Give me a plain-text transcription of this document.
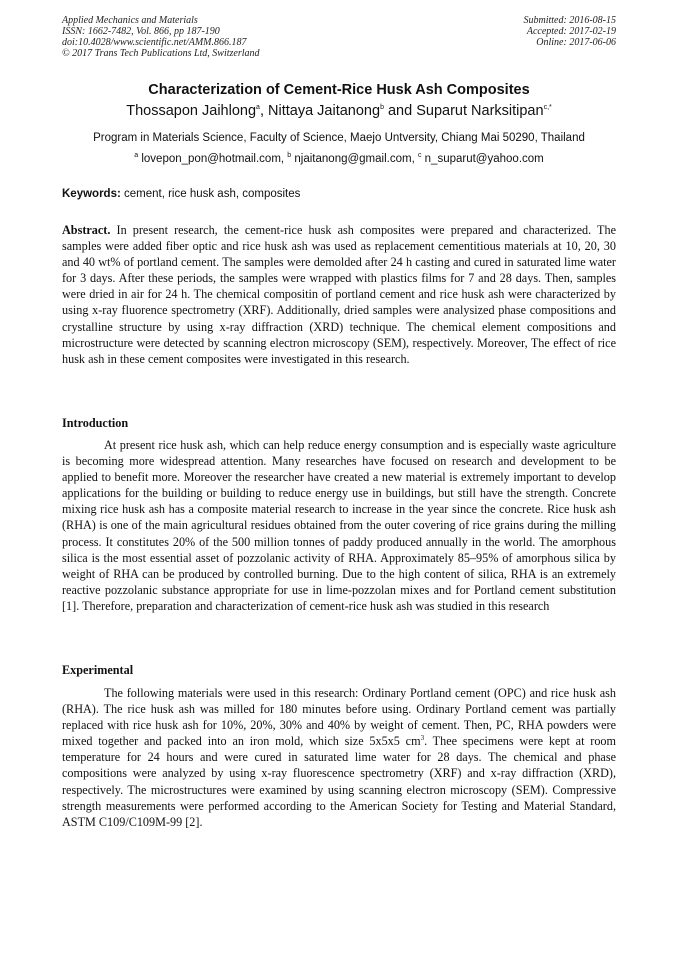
Applied Mechanics and Materials
ISSN: 1662-7482, Vol. 866, pp 187-190
doi:10.4028/www.scientific.net/AMM.866.187
© 2017 Trans Tech Publications Ltd, Switzerland
Submitted: 2016-08-15
Accepted: 2017-02-19
Online: 2017-06-06
Characterization of Cement-Rice Husk Ash Composites
Thossapon Jaihlong$^a$, Nittaya Jaitanong$^b$ and Suparut Narksitipan$^{c,*}$
Program in Materials Science, Faculty of Science, Maejo Untversity, Chiang Mai 50290, Thailand
$^a$ lovepon_pon@hotmail.com, $^b$ njaitanong@gmail.com, $^c$ n_suparut@yahoo.com
Keywords: cement, rice husk ash, composites
Abstract. In present research, the cement-rice husk ash composites were prepared and characterized. The samples were added fiber optic and rice husk ash was used as replacement cementitious materials at 10, 20, 30 and 40 wt% of portland cement. The samples were demolded after 24 h casting and cured in saturated lime water for 3 days. After these periods, the samples were wrapped with plastics films for 7 and 28 days. Then, samples were dried in air for 24 h. The chemical compositin of portland cement and rice husk ash were characterized by using x-ray fluorence spectrometry (XRF). Additionally, dried samples were analysized phase compositions and crystalline structure by using x-ray diffraction (XRD) technique. The chemical element compositions and microstructure were detected by scanning electron microscopy (SEM), respectively. Moreover, The effect of rice husk ash in these cement composites were investigated in this research.
Introduction
At present rice husk ash, which can help reduce energy consumption and is especially waste agriculture is becoming more widespread attention. Many researches have focused on research and development to be applied to benefit more. Moreover the researcher have created a new material is extremely important to develop applications for the building or building to reduce energy use in buildings, but still have the strength. Concrete mixing rice husk ash has a composite material research to increase in the year since the concrete. Rice husk ash (RHA) is one of the main agricultural residues obtained from the outer covering of rice grains during the milling process. It constitutes 20% of the 500 million tonnes of paddy produced annually in the world. The amorphous silica is the most essential asset of pozzolanic activity of RHA. Approximately 85–95% of amorphous silica by weight of RHA can be produced by controlled burning. Due to the high content of silica, RHA is an extremely reactive pozzolanic substance appropriate for use in lime-pozzolan mixes and for Portland cement substitution [1]. Therefore, preparation and characterization of cement-rice husk ash was studied in this research
Experimental
The following materials were used in this research: Ordinary Portland cement (OPC) and rice husk ash (RHA). The rice husk ash was milled for 180 minutes before using. Ordinary Portland cement was partially replaced with rice husk ash for 10%, 20%, 30% and 40% by weight of cement. Then, PC, RHA powders were mixed together and packed into an iron mold, which size 5x5x5 $cm^3$. Thee specimens were kept at room temperature for 24 hours and were cured in saturated lime water for 28 days. The chemical and phase compositions were analyzed by using x-ray fluorescence spectrometry (XRF) and x-ray diffraction (XRD), respectively. The microstructures were examined by using scanning electron microscopy (SEM). Compressive strength measurements were performed according to the American Society for Testing and Material Standard, ASTM C109/C109M-99 [2].
